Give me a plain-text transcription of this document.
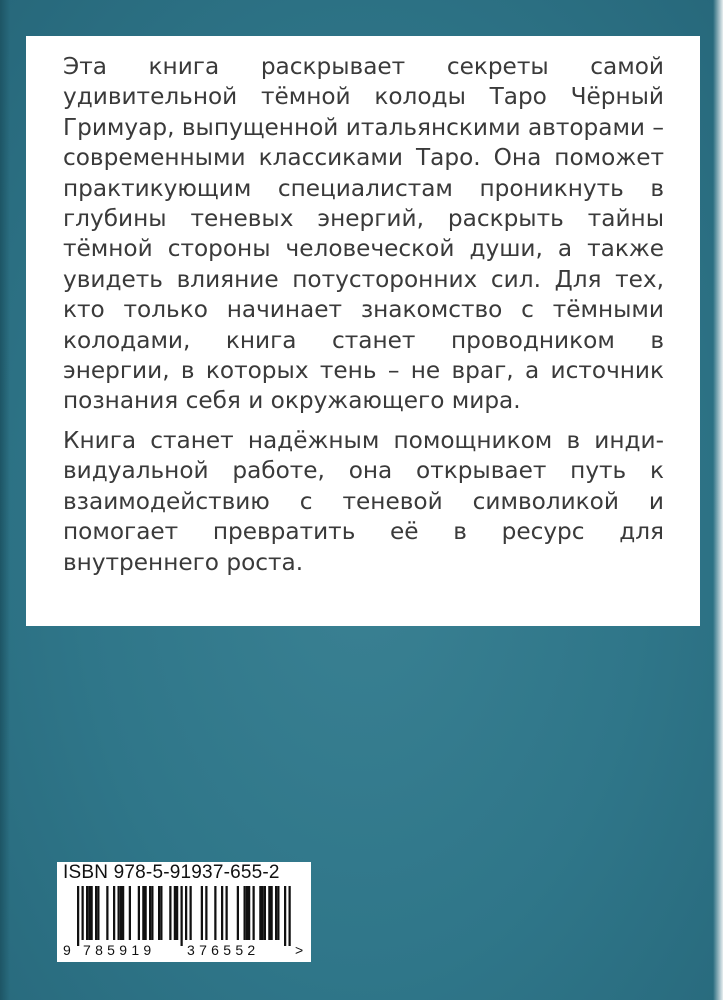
Эта книга раскрывает секреты самой удивительной тёмной колоды Таро Чёрный Гримуар, выпущенной итальянскими авторами – современными классиками Таро. Она поможет практикующим специалистам проникнуть в глубины теневых энергий, раскрыть тайны тёмной стороны человеческой души, а также увидеть влияние потусторонних сил. Для тех, кто только начинает знакомство с тёмными колодами, книга станет проводником в энергии, в которых тень – не враг, а источник познания себя и окружающего мира.

Книга станет надёжным помощником в индивидуальной работе, она открывает путь к взаимодействию с теневой символикой и помогает превратить её в ресурс для внутреннего роста.

ISBN 978-5-91937-655-2
9 785919 376552	>
